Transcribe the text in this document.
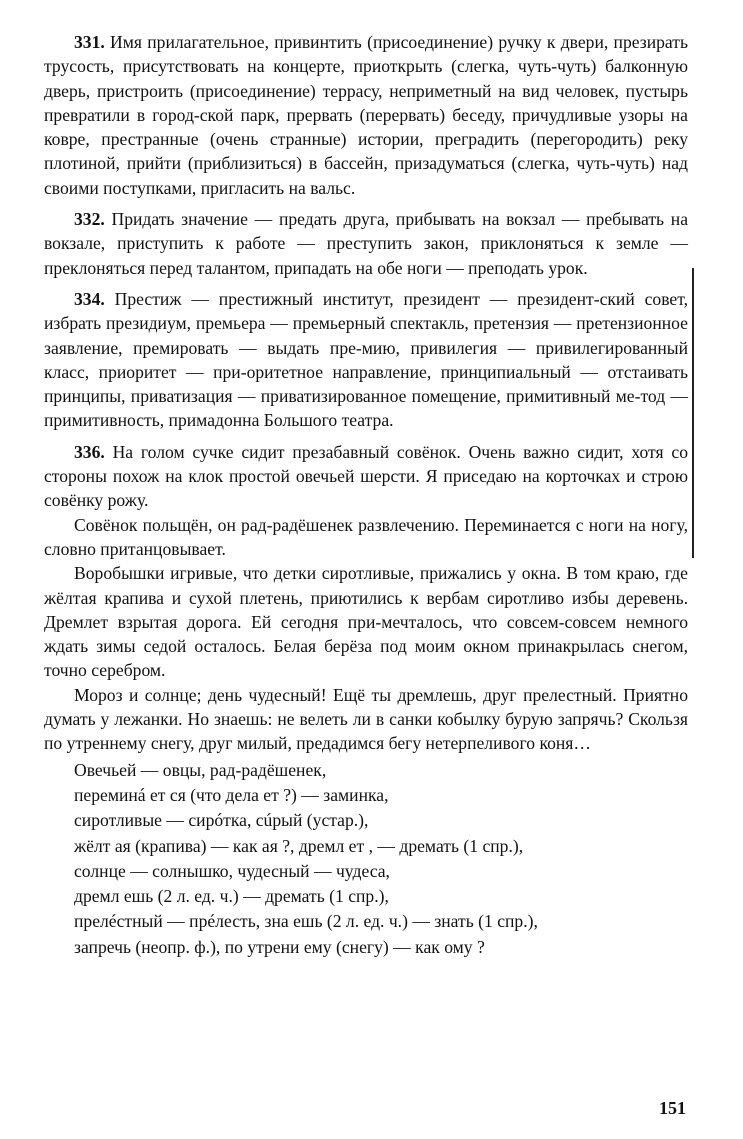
331. Имя прилагательное, привинтить (присоединение) ручку к двери, презирать трусость, присутствовать на концерте, приоткрыть (слегка, чуть-чуть) балконную дверь, пристроить (присоединение) террасу, неприметный на вид человек, пустырь превратили в город-ской парк, прервать (перервать) беседу, причудливые узоры на ковре, престранные (очень странные) истории, преградить (перегородить) реку плотиной, прийти (приблизиться) в бассейн, призадуматься (слегка, чуть-чуть) над своими поступками, пригласить на вальс.

332. Придать значение — предать друга, прибывать на вокзал — пребывать на вокзале, приступить к работе — преступить закон, приклоняться к земле — преклоняться перед талантом, припадать на обе ноги — преподать урок.

334. Престиж — престижный институт, президент — президент-ский совет, избрать президиум, премьера — премьерный спектакль, претензия — претензионное заявление, премировать — выдать пре-мию, привилегия — привилегированный класс, приоритет — при-оритетное направление, принципиальный — отстаивать принципы, приватизация — приватизированное помещение, примитивный ме-тод — примитивность, примадонна Большого театра.

336. На голом сучке сидит презабавный совёнок. Очень важно сидит, хотя со стороны похож на клок простой овечьей шерсти. Я приседаю на корточках и строю совёнку рожу.

Совёнок польщён, он рад-радёшенек развлечению. Переминается с ноги на ногу, словно пританцовывает.

Воробышки игривые, что детки сиротливые, прижались у окна. В том краю, где жёлтая крапива и сухой плетень, приютились к вербам сиротливо избы деревень. Дремлет взрытая дорога. Ей сегодня при-мечталось, что совсем-совсем немного ждать зимы седой осталось. Белая берёза под моим окном принакрылась снегом, точно серебром.

Мороз и солнце; день чудесный! Ещё ты дремлешь, друг прелестный. Приятно думать у лежанки. Но знаешь: не велеть ли в санки кобылку бурую запрячь? Скользя по утреннему снегу, друг милый, предадимся бегу нетерпеливого коня…

Овечьей — овцы, рад-радёшенек,
переминá ет ся (что дела ет ?) — заминка,
сиротливые — сирóтка, сúрый (устар.),
жёлт ая (крапива) — как ая ?, дремл ет , — дремать (1 спр.),
солнце — солнышко, чудесный — чудеса,
дремл ешь (2 л. ед. ч.) — дремать (1 спр.),
прелéстный — прéлесть, зна ешь (2 л. ед. ч.) — знать (1 спр.),
запречь (неопр. ф.), по утрени ему (снегу) — как ому ?
151
